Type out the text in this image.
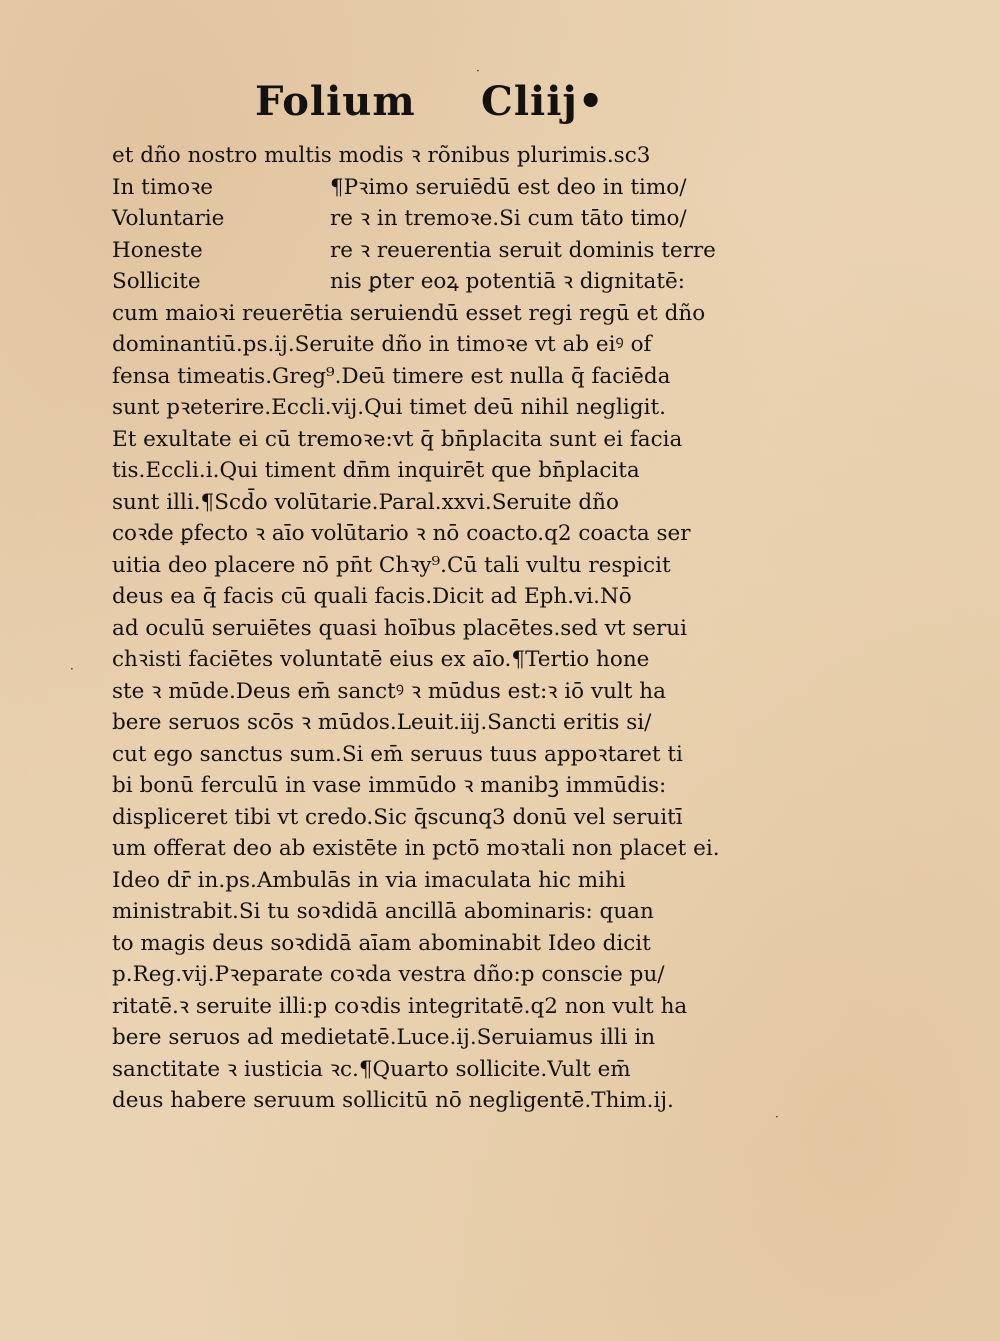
Folium Cliij•
et dño nostro multis modis ꝛ rõnibus plurimis.sc3
In timoꝛe	¶Pꝛimo seruiēdū est deo in timo/
Voluntarie	re ꝛ in tremoꝛe.Si cum tāto timo/
Honeste	re ꝛ reuerentia seruit dominis terre
Sollicite	nis ꝑter eoꝝ potentiā ꝛ dignitatē:
cum maioꝛi reuerētia seruiendū esset regi regū et dño
dominantiū.ps.ij.Seruite dño in timoꝛe vt ab eiꝰ of
fensa timeatis.Greg⁹.Deū timere est nulla q̄ faciēda
sunt pꝛeterire.Eccli.vij.Qui timet deū nihil negligit.
Et exultate ei cū tremoꝛe:vt q̄ bn̄placita sunt ei facia
tis.Eccli.i.Qui timent dn̄m inquirēt que bn̄placita
sunt illi.¶Scd̄o volūtarie.Paral.xxvi.Seruite dño
coꝛde ꝑfecto ꝛ aīo volūtario ꝛ nō coacto.q2 coacta ser
uitia deo placere nō pn̄t Chꝛy⁹.Cū tali vultu respicit
deus ea q̄ facis cū quali facis.Dicit ad Eph.vi.Nō
ad oculū seruiētes quasi hoībus placētes.sed vt serui
chꝛisti faciētes voluntatē eius ex aīo.¶Tertio hone
ste ꝛ mūde.Deus em̄ sanctꝰ ꝛ mūdus est:ꝛ iō vult ha
bere seruos scōs ꝛ mūdos.Leuit.iij.Sancti eritis si/
cut ego sanctus sum.Si em̄ seruus tuus appoꝛtaret ti
bi bonū ferculū in vase immūdo ꝛ manibꝫ immūdis:
displiceret tibi vt credo.Sic q̄scunq3 donū vel seruitī
um offerat deo ab existēte in pctō moꝛtali non placet ei.
Ideo dr̄ in.ps.Ambulās in via imaculata hic mihi
ministrabit.Si tu soꝛdidā ancillā abominaris: quan
to magis deus soꝛdidā aīam abominabit Ideo dicit
p.Reg.vij.Pꝛeparate coꝛda vestra dño:p conscie pu/
ritatē.ꝛ seruite illi:p coꝛdis integritatē.q2 non vult ha
bere seruos ad medietatē.Luce.ij.Seruiamus illi in
sanctitate ꝛ iusticia ꝛc.¶Quarto sollicite.Vult em̄
deus habere seruum sollicitū nō negligentē.Thim.ij.
·
·
·
